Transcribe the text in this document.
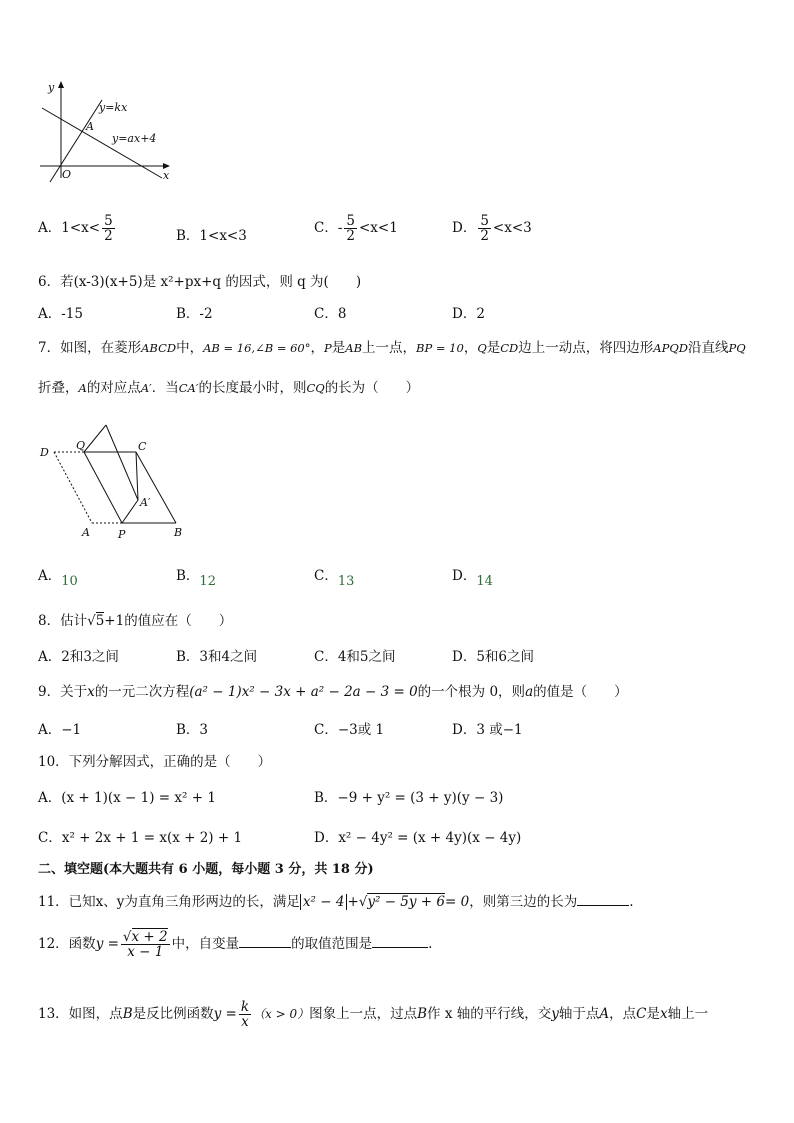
y
x
O
A
y=kx
y=ax+4
A．$1<x< \frac{5}{2}$	B．1<x<3	C．- $\frac{5}{2} <x<1$	D． $\frac{5}{2} <x<3$
6．若(x-3)(x+5)是 x²+px+q 的因式，则 q 为(　　)
A．-15	B．-2	C．8	D．2
7．如图，在菱形ABCD中，AB = 16,∠B = 60°，P是AB上一点，BP = 10，Q是CD边上一动点，将四边形APQD沿直线PQ
折叠，A的对应点A′．当CA′的长度最小时，则CQ的长为（　　）
D
Q	C
A′
A	P	B
A．10	B．12	C．13	D．14
8．估计√5+1的值应在（　　）
A．2和3之间	B．3和4之间	C．4和5之间	D．5和6之间
9．关于x的一元二次方程(a² − 1)x² − 3x + a² − 2a − 3 = 0的一个根为 0，则a的值是（　　）
A．−1	B．3	C．−3或 1	D．3 或−1
10．下列分解因式，正确的是（　　）
A．(x + 1)(x − 1) = x² + 1	B．−9 + y² = (3 + y)(y − 3)
C．x² + 2x + 1 = x(x + 2) + 1	D．x² − 4y² = (x + 4y)(x − 4y)
二、填空题(本大题共有 6 小题，每小题 3 分，共 18 分)
11．已知x、y为直角三角形两边的长，满足 x² − 4 +√y² − 5y + 6= 0，则第三边的长为	.
12．函数$y = \frac{√x + 2}{x - 1}$ 中，自变量	的取值范围是	.
13．如图，点B是反比例函数$y = \frac{k}{x} (x > 0)$图象上一点，过点B作 x 轴的平行线，交y轴于点A，点C是x轴上一
